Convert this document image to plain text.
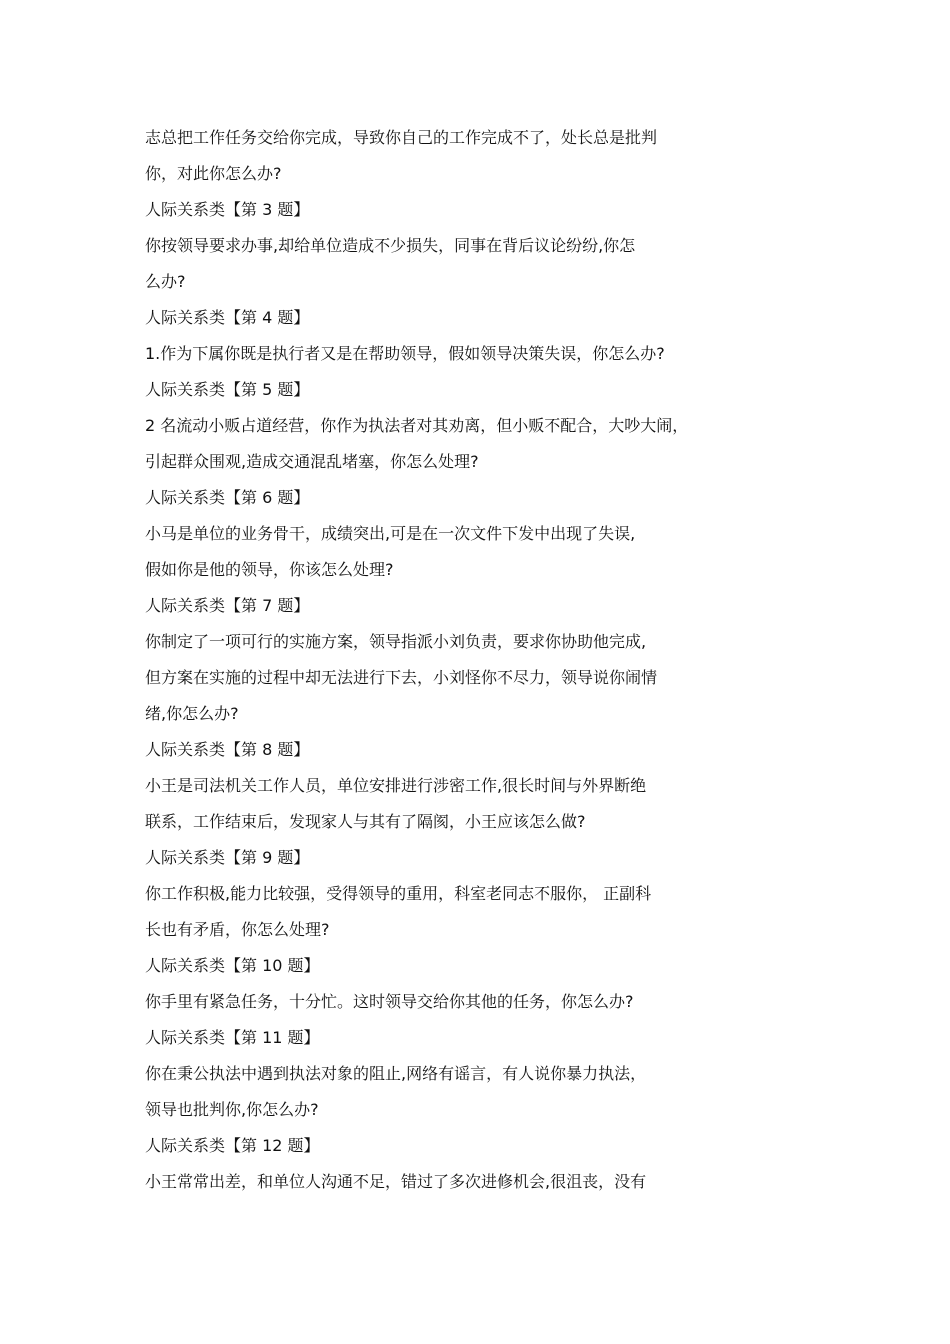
志总把工作任务交给你完成，导致你自己的工作完成不了，处长总是批判
你，对此你怎么办?
人际关系类【第 3 题】
你按领导要求办事,却给单位造成不少损失，同事在背后议论纷纷,你怎
么办?
人际关系类【第 4 题】
1.作为下属你既是执行者又是在帮助领导，假如领导决策失误，你怎么办?
人际关系类【第 5 题】
2 名流动小贩占道经营，你作为执法者对其劝离，但小贩不配合，大吵大闹，
引起群众围观,造成交通混乱堵塞，你怎么处理?
人际关系类【第 6 题】
小马是单位的业务骨干，成绩突出,可是在一次文件下发中出现了失误,
假如你是他的领导，你该怎么处理?
人际关系类【第 7 题】
你制定了一项可行的实施方案，领导指派小刘负责，要求你协助他完成,
但方案在实施的过程中却无法进行下去，小刘怪你不尽力，领导说你闹情
绪,你怎么办?
人际关系类【第 8 题】
小王是司法机关工作人员，单位安排进行涉密工作,很长时间与外界断绝
联系，工作结束后，发现家人与其有了隔阂，小王应该怎么做?
人际关系类【第 9 题】
你工作积极,能力比较强，受得领导的重用，科室老同志不服你， 正副科
长也有矛盾，你怎么处理?
人际关系类【第 10 题】
你手里有紧急任务，十分忙。这时领导交给你其他的任务，你怎么办?
人际关系类【第 11 题】
你在秉公执法中遇到执法对象的阻止,网络有谣言，有人说你暴力执法，
领导也批判你,你怎么办?
人际关系类【第 12 题】
小王常常出差，和单位人沟通不足，错过了多次进修机会,很沮丧，没有
